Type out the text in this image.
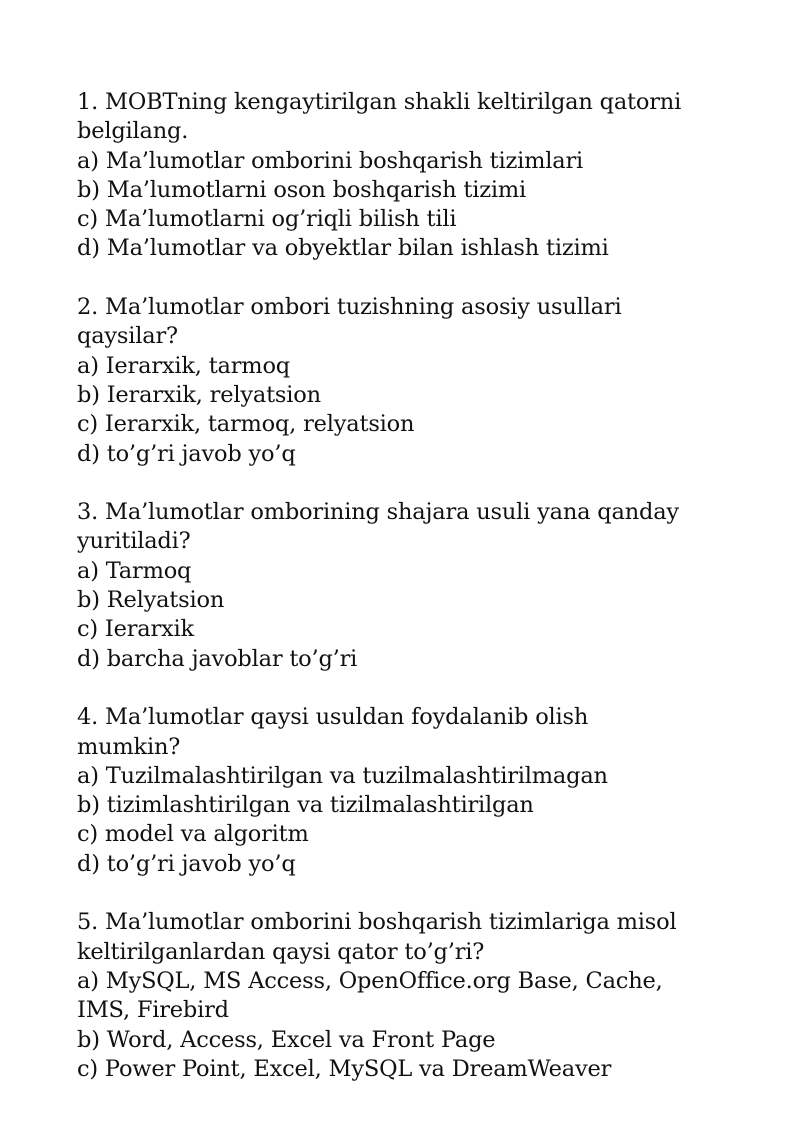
1. MOBTning kengaytirilgan shakli keltirilgan qatorni belgilang.
a) Ma’lumotlar omborini boshqarish tizimlari
b) Ma’lumotlarni oson boshqarish tizimi
c) Ma’lumotlarni og’riqli bilish tili
d) Ma’lumotlar va obyektlar bilan ishlash tizimi
2. Ma’lumotlar ombori tuzishning asosiy usullari qaysilar?
a) Ierarxik, tarmoq
b) Ierarxik, relyatsion
c) Ierarxik, tarmoq, relyatsion
d) to’g’ri javob yo’q
3. Ma’lumotlar omborining shajara usuli yana qanday yuritiladi?
a) Tarmoq
b) Relyatsion
c) Ierarxik
d) barcha javoblar to’g’ri
4. Ma’lumotlar qaysi usuldan foydalanib olish mumkin?
a) Tuzilmalashtirilgan va tuzilmalashtirilmagan
b) tizimlashtirilgan va tizilmalashtirilgan
c) model va algoritm
d) to’g’ri javob yo’q
5. Ma’lumotlar omborini boshqarish tizimlariga misol keltirilganlardan qaysi qator to’g’ri?
a) MySQL, MS Access, OpenOffice.org Base, Cache, IMS, Firebird
b) Word, Access, Excel va Front Page
c) Power Point, Excel, MySQL va DreamWeaver
